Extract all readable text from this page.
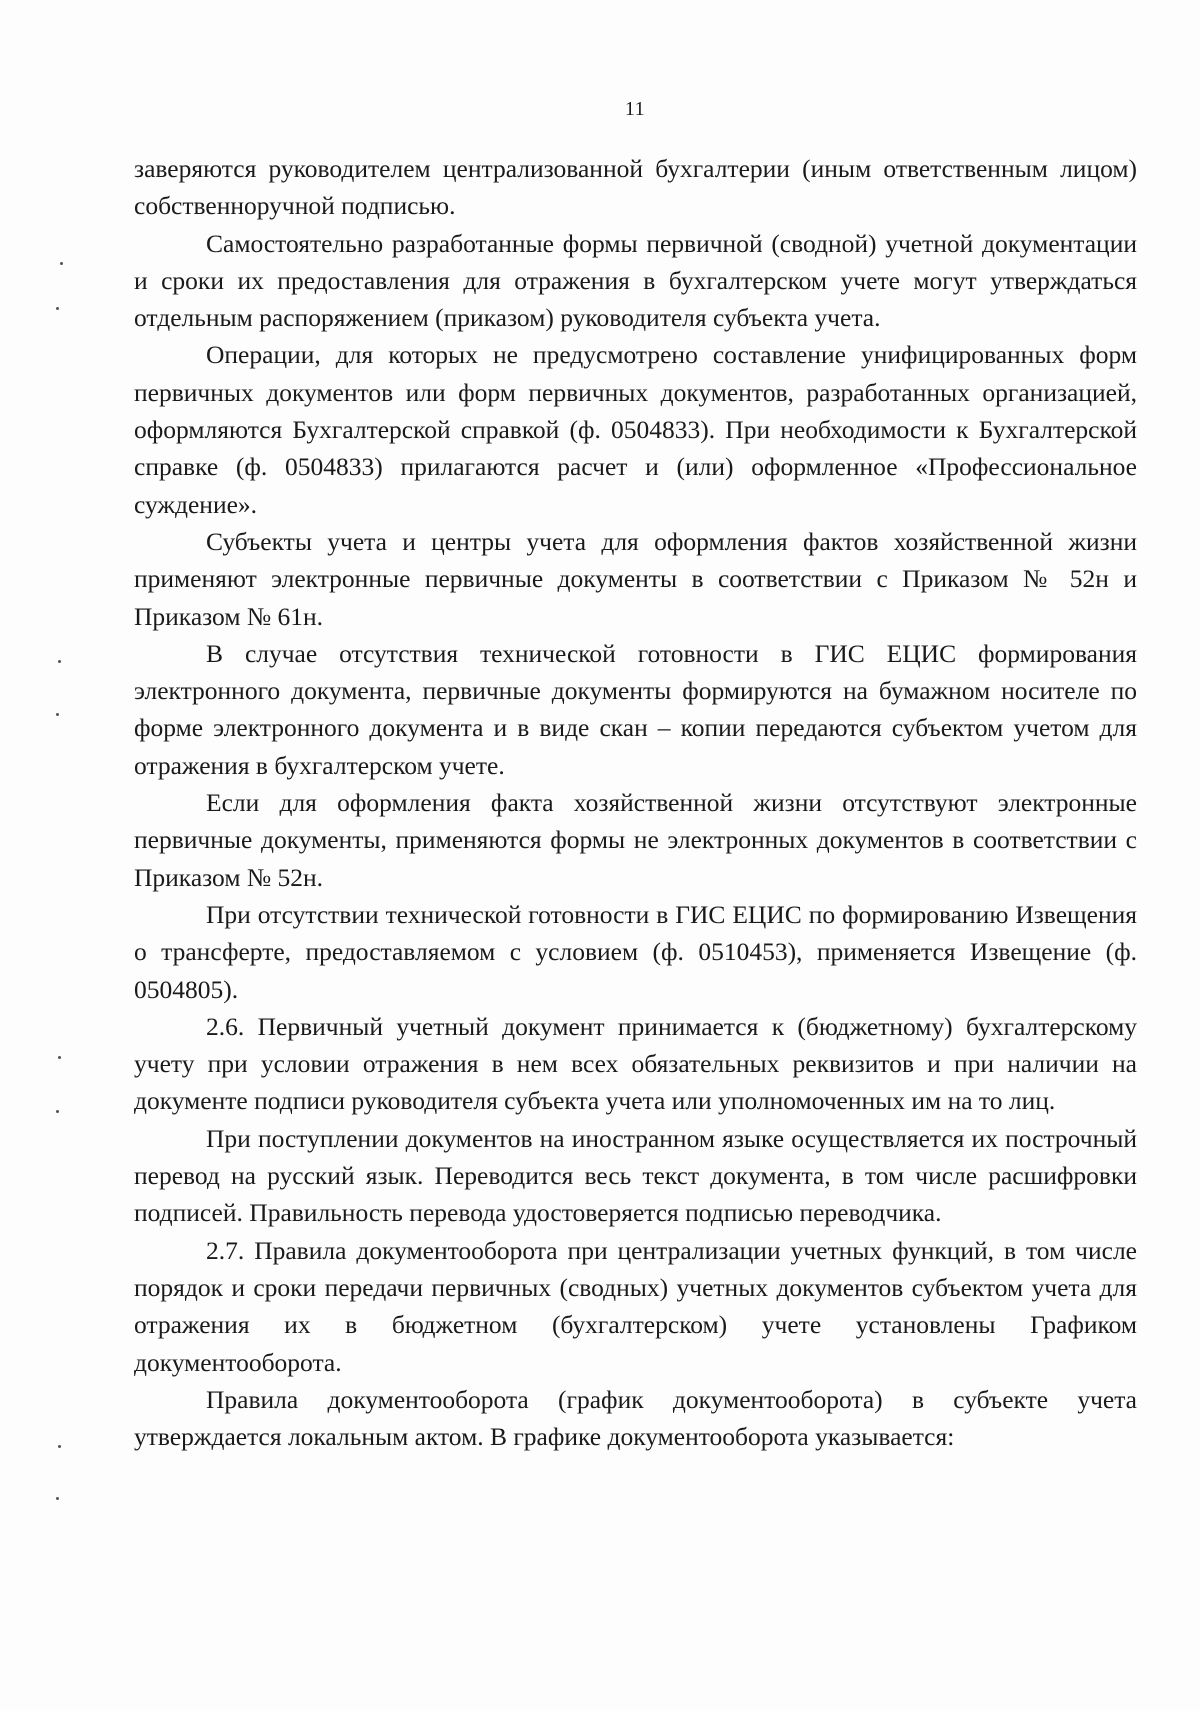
11

заверяются руководителем централизованной бухгалтерии (иным ответственным лицом) собственноручной подписью.

Самостоятельно разработанные формы первичной (сводной) учетной документации и сроки их предоставления для отражения в бухгалтерском учете могут утверждаться отдельным распоряжением (приказом) руководителя субъекта учета.

Операции, для которых не предусмотрено составление унифицированных форм первичных документов или форм первичных документов, разработанных организацией, оформляются Бухгалтерской справкой (ф. 0504833). При необходимости к Бухгалтерской справке (ф. 0504833) прилагаются расчет и (или) оформленное «Профессиональное суждение».

Субъекты учета и центры учета для оформления фактов хозяйственной жизни применяют электронные первичные документы в соответствии с Приказом № 52н и Приказом № 61н.

В случае отсутствия технической готовности в ГИС ЕЦИС формирования электронного документа, первичные документы формируются на бумажном носителе по форме электронного документа и в виде скан – копии передаются субъектом учетом для отражения в бухгалтерском учете.

Если для оформления факта хозяйственной жизни отсутствуют электронные первичные документы, применяются формы не электронных документов в соответствии с Приказом № 52н.

При отсутствии технической готовности в ГИС ЕЦИС по формированию Извещения о трансферте, предоставляемом с условием (ф. 0510453), применяется Извещение (ф. 0504805).

2.6. Первичный учетный документ принимается к (бюджетному) бухгалтерскому учету при условии отражения в нем всех обязательных реквизитов и при наличии на документе подписи руководителя субъекта учета или уполномоченных им на то лиц.

При поступлении документов на иностранном языке осуществляется их построчный перевод на русский язык. Переводится весь текст документа, в том числе расшифровки подписей. Правильность перевода удостоверяется подписью переводчика.

2.7. Правила документооборота при централизации учетных функций, в том числе порядок и сроки передачи первичных (сводных) учетных документов субъектом учета для отражения их в бюджетном (бухгалтерском) учете установлены Графиком документооборота.

Правила документооборота (график документооборота) в субъекте учета утверждается локальным актом. В графике документооборота указывается:
